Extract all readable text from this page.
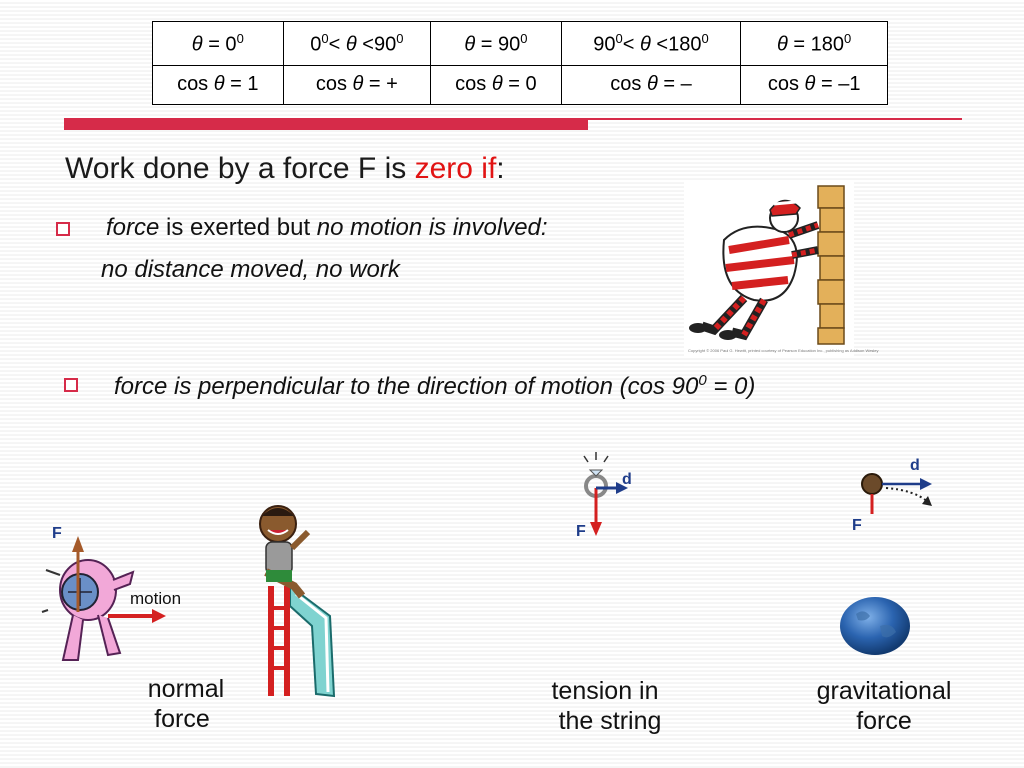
$\theta = 0^0$	$0^0< \theta <90^0$	$\theta = 90^0$	$90^0< \theta <180^0$	$\theta = 180^0$
cos θ = 1	cos θ = +	cos θ = 0	cos θ = –	cos θ = –1
Work done by a force F is zero if:
force is exerted but no motion is involved:
no distance moved, no work
Copyright © 2006 Paul G. Hewitt, printed courtesy of Pearson Education Inc., publishing as Addison Wesley
force is perpendicular to the direction of motion (cos $90^0 = 0$)
F
motion
d
F
d
F
normal
force
tension in
the string
gravitational
force
